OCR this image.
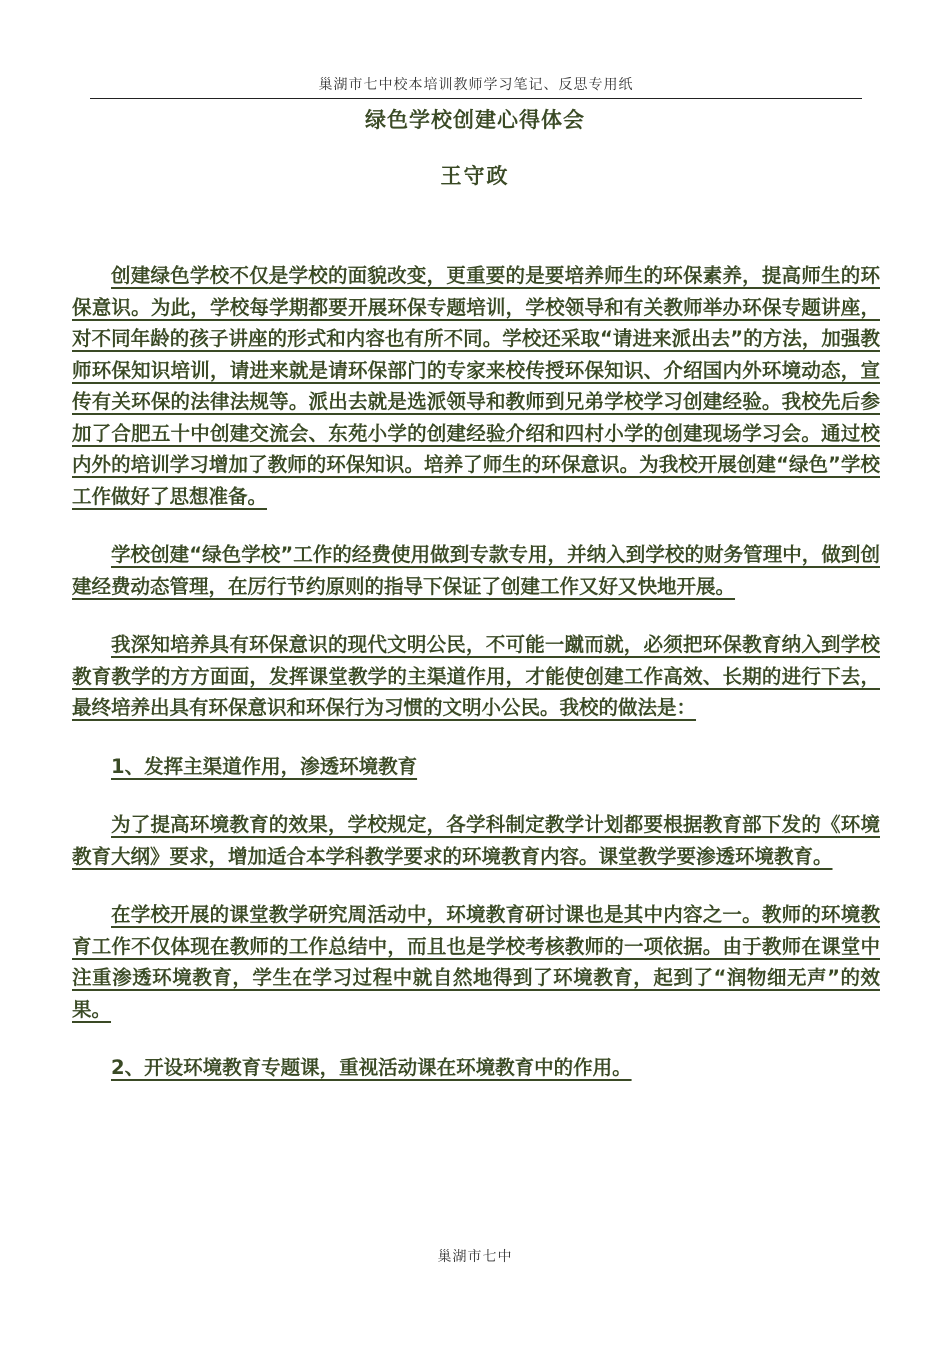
巢湖市七中校本培训教师学习笔记、反思专用纸
绿色学校创建心得体会
王守政

创建绿色学校不仅是学校的面貌改变，更重要的是要培养师生的环保素养，提高师生的环保意识。为此，学校每学期都要开展环保专题培训，学校领导和有关教师举办环保专题讲座，对不同年龄的孩子讲座的形式和内容也有所不同。学校还采取“请进来派出去”的方法，加强教师环保知识培训，请进来就是请环保部门的专家来校传授环保知识、介绍国内外环境动态，宣传有关环保的法律法规等。派出去就是选派领导和教师到兄弟学校学习创建经验。我校先后参加了合肥五十中创建交流会、东苑小学的创建经验介绍和四村小学的创建现场学习会。通过校内外的培训学习增加了教师的环保知识。培养了师生的环保意识。为我校开展创建“绿色”学校工作做好了思想准备。

学校创建“绿色学校”工作的经费使用做到专款专用，并纳入到学校的财务管理中，做到创建经费动态管理，在厉行节约原则的指导下保证了创建工作又好又快地开展。

我深知培养具有环保意识的现代文明公民，不可能一蹴而就，必须把环保教育纳入到学校教育教学的方方面面，发挥课堂教学的主渠道作用，才能使创建工作高效、长期的进行下去，最终培养出具有环保意识和环保行为习惯的文明小公民。我校的做法是：

1、发挥主渠道作用，渗透环境教育

为了提高环境教育的效果，学校规定，各学科制定教学计划都要根据教育部下发的《环境教育大纲》要求，增加适合本学科教学要求的环境教育内容。课堂教学要渗透环境教育。

在学校开展的课堂教学研究周活动中，环境教育研讨课也是其中内容之一。教师的环境教育工作不仅体现在教师的工作总结中，而且也是学校考核教师的一项依据。由于教师在课堂中注重渗透环境教育，学生在学习过程中就自然地得到了环境教育，起到了“润物细无声”的效果。

2、开设环境教育专题课，重视活动课在环境教育中的作用。

巢湖市七中
